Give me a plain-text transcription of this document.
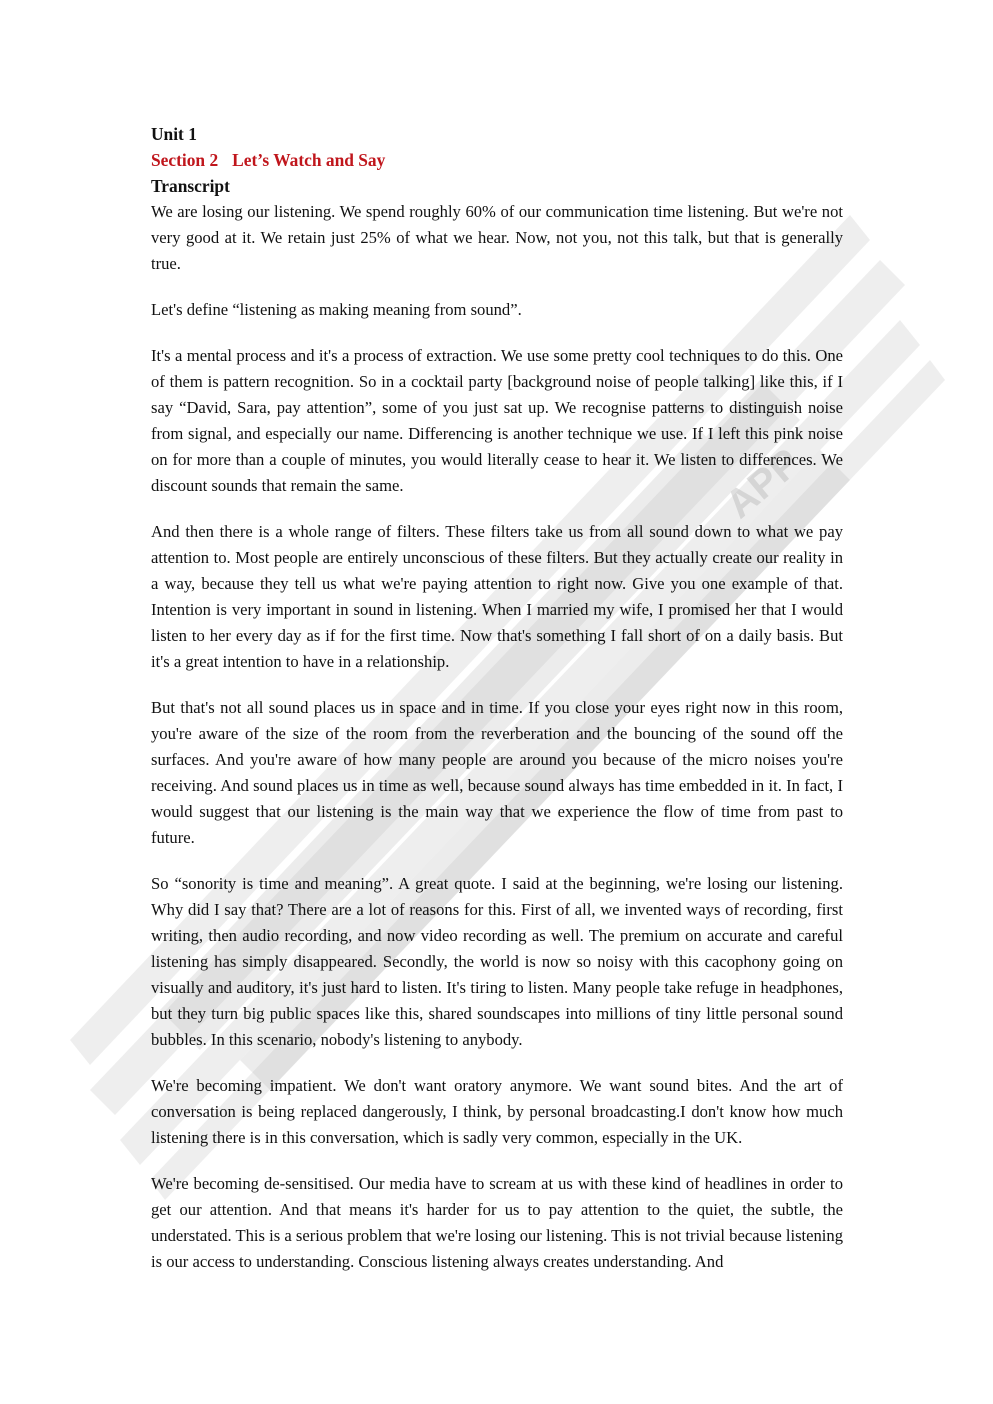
APP

Unit 1

Section 2 Let’s Watch and Say

Transcript

We are losing our listening. We spend roughly 60% of our communication time listening. But we're not very good at it. We retain just 25% of what we hear. Now, not you, not this talk, but that is generally true.

Let's define “listening as making meaning from sound”.

It's a mental process and it's a process of extraction. We use some pretty cool techniques to do this. One of them is pattern recognition. So in a cocktail party [background noise of people talking] like this, if I say “David, Sara, pay attention”, some of you just sat up. We recognise patterns to distinguish noise from signal, and especially our name. Differencing is another technique we use. If I left this pink noise on for more than a couple of minutes, you would literally cease to hear it. We listen to differences. We discount sounds that remain the same.

And then there is a whole range of filters. These filters take us from all sound down to what we pay attention to. Most people are entirely unconscious of these filters. But they actually create our reality in a way, because they tell us what we're paying attention to right now. Give you one example of that. Intention is very important in sound in listening. When I married my wife, I promised her that I would listen to her every day as if for the first time. Now that's something I fall short of on a daily basis. But it's a great intention to have in a relationship.

But that's not all sound places us in space and in time. If you close your eyes right now in this room, you're aware of the size of the room from the reverberation and the bouncing of the sound off the surfaces. And you're aware of how many people are around you because of the micro noises you're receiving. And sound places us in time as well, because sound always has time embedded in it. In fact, I would suggest that our listening is the main way that we experience the flow of time from past to future.

So “sonority is time and meaning”. A great quote. I said at the beginning, we're losing our listening. Why did I say that? There are a lot of reasons for this. First of all, we invented ways of recording, first writing, then audio recording, and now video recording as well. The premium on accurate and careful listening has simply disappeared. Secondly, the world is now so noisy with this cacophony going on visually and auditory, it's just hard to listen. It's tiring to listen. Many people take refuge in headphones, but they turn big public spaces like this, shared soundscapes into millions of tiny little personal sound bubbles. In this scenario, nobody's listening to anybody.

We're becoming impatient. We don't want oratory anymore. We want sound bites. And the art of conversation is being replaced dangerously, I think, by personal broadcasting.I don't know how much listening there is in this conversation, which is sadly very common, especially in the UK.

We're becoming de-sensitised. Our media have to scream at us with these kind of headlines in order to get our attention. And that means it's harder for us to pay attention to the quiet, the subtle, the understated. This is a serious problem that we're losing our listening. This is not trivial because listening is our access to understanding. Conscious listening always creates understanding. And
